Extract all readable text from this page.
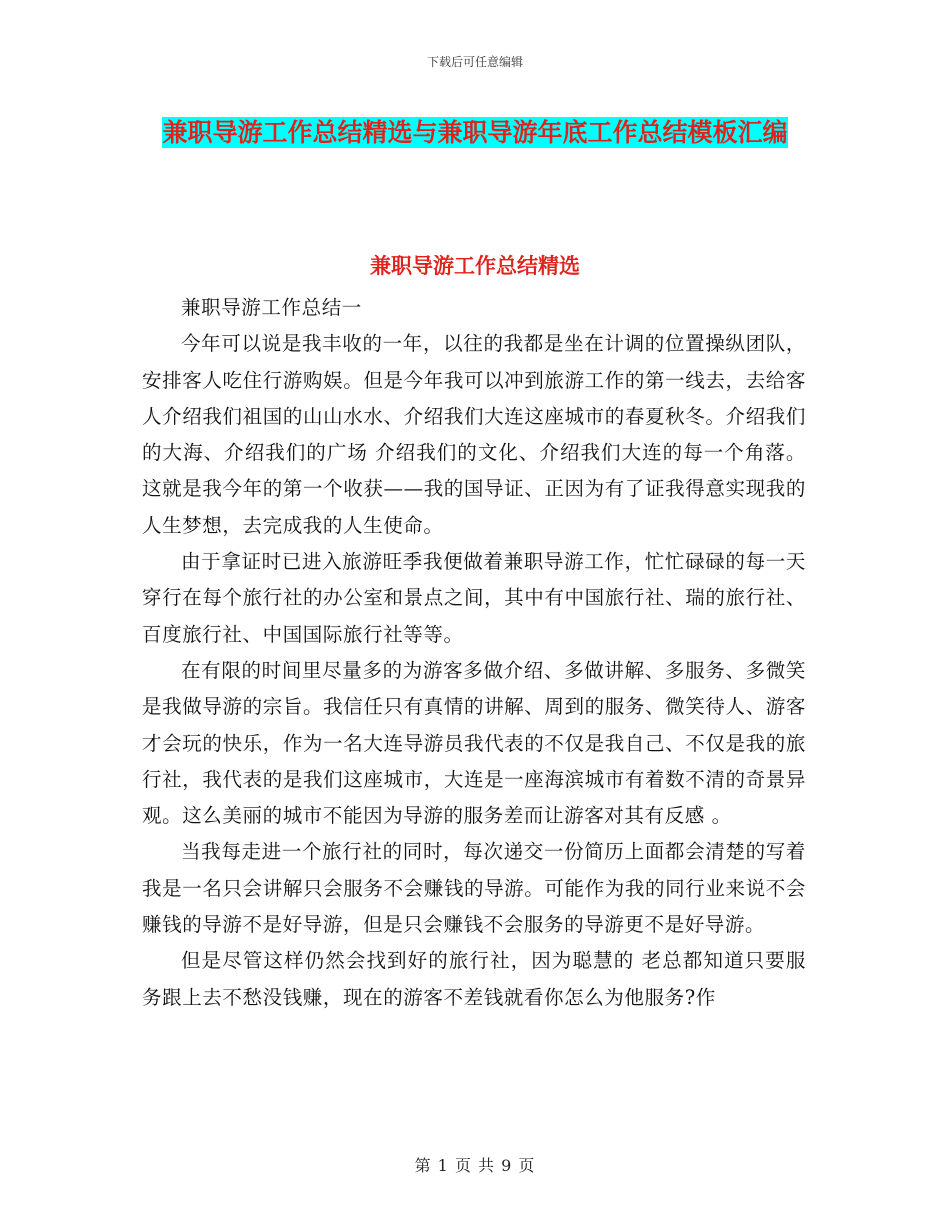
下载后可任意编辑
兼职导游工作总结精选与兼职导游年底工作总结模板汇编
兼职导游工作总结精选

兼职导游工作总结一

今年可以说是我丰收的一年，以往的我都是坐在计调的位置操纵团队，安排客人吃住行游购娱。但是今年我可以冲到旅游工作的第一线去，去给客人介绍我们祖国的山山水水、介绍我们大连这座城市的春夏秋冬。介绍我们的大海、介绍我们的广场 介绍我们的文化、介绍我们大连的每一个角落。这就是我今年的第一个收获——我的国导证、正因为有了证我得意实现我的人生梦想，去完成我的人生使命。

由于拿证时已进入旅游旺季我便做着兼职导游工作，忙忙碌碌的每一天穿行在每个旅行社的办公室和景点之间，其中有中国旅行社、瑞的旅行社、百度旅行社、中国国际旅行社等等。

在有限的时间里尽量多的为游客多做介绍、多做讲解、多服务、多微笑是我做导游的宗旨。我信任只有真情的讲解、周到的服务、微笑待人、游客才会玩的快乐，作为一名大连导游员我代表的不仅是我自己、不仅是我的旅行社，我代表的是我们这座城市，大连是一座海滨城市有着数不清的奇景异观。这么美丽的城市不能因为导游的服务差而让游客对其有反感 。

当我每走进一个旅行社的同时，每次递交一份简历上面都会清楚的写着我是一名只会讲解只会服务不会赚钱的导游。可能作为我的同行业来说不会赚钱的导游不是好导游，但是只会赚钱不会服务的导游更不是好导游。

但是尽管这样仍然会找到好的旅行社，因为聪慧的 老总都知道只要服务跟上去不愁没钱赚，现在的游客不差钱就看你怎么为他服务?作

第 1 页 共 9 页
